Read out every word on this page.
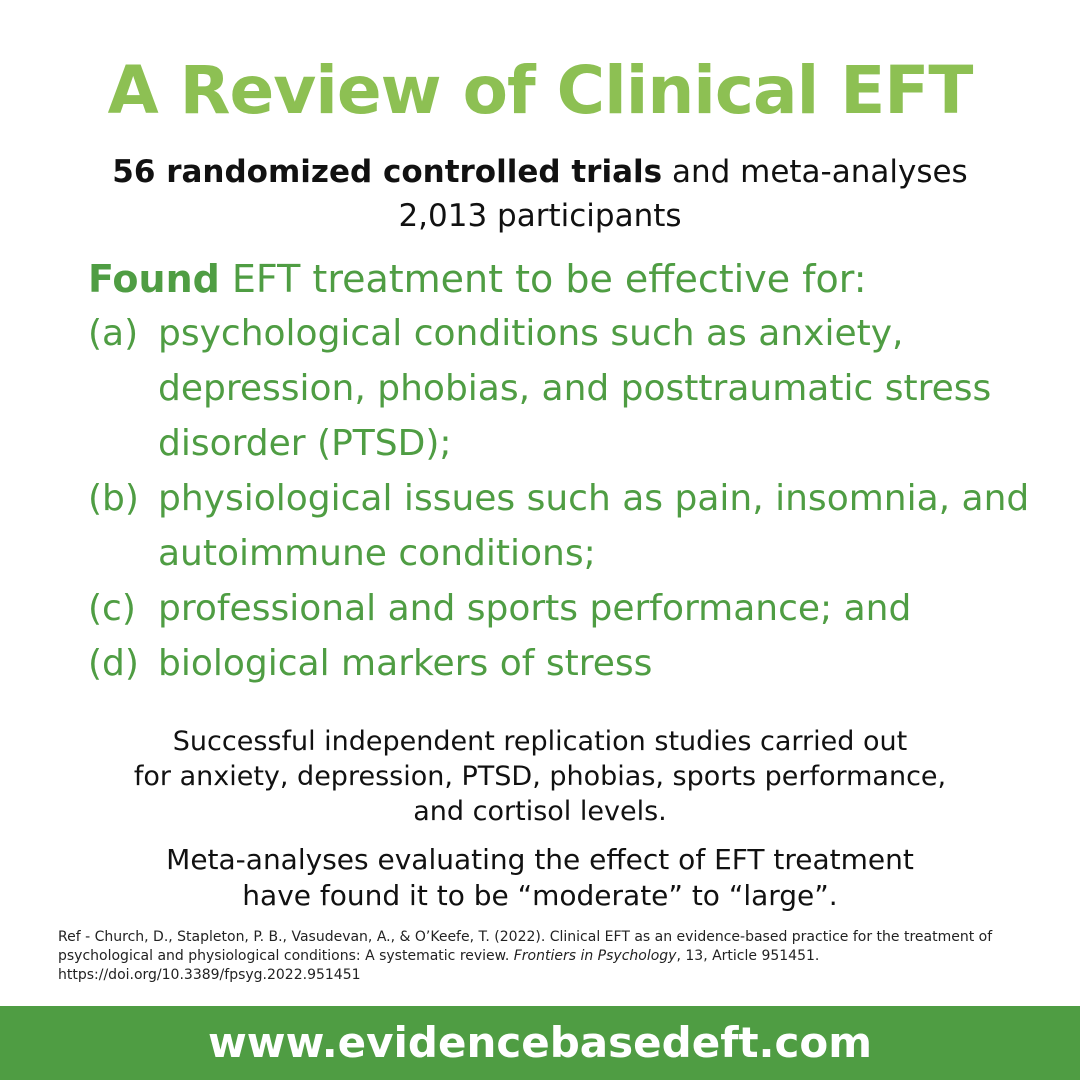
A Review of Clinical EFT
56 randomized controlled trials and meta-analyses
2,013 participants
Found EFT treatment to be effective for:
(a) psychological conditions such as anxiety, depression, phobias, and posttraumatic stress disorder (PTSD);
(b) physiological issues such as pain, insomnia, and autoimmune conditions;
(c) professional and sports performance; and
(d) biological markers of stress
Successful independent replication studies carried out
for anxiety, depression, PTSD, phobias, sports performance,
and cortisol levels.
Meta-analyses evaluating the effect of EFT treatment
have found it to be “moderate” to “large”.
Ref - Church, D., Stapleton, P. B., Vasudevan, A., & O’Keefe, T. (2022). Clinical EFT as an evidence-based practice for the treatment of psychological and physiological conditions: A systematic review. Frontiers in Psychology, 13, Article 951451. https://doi.org/10.3389/fpsyg.2022.951451
www.evidencebasedeft.com
